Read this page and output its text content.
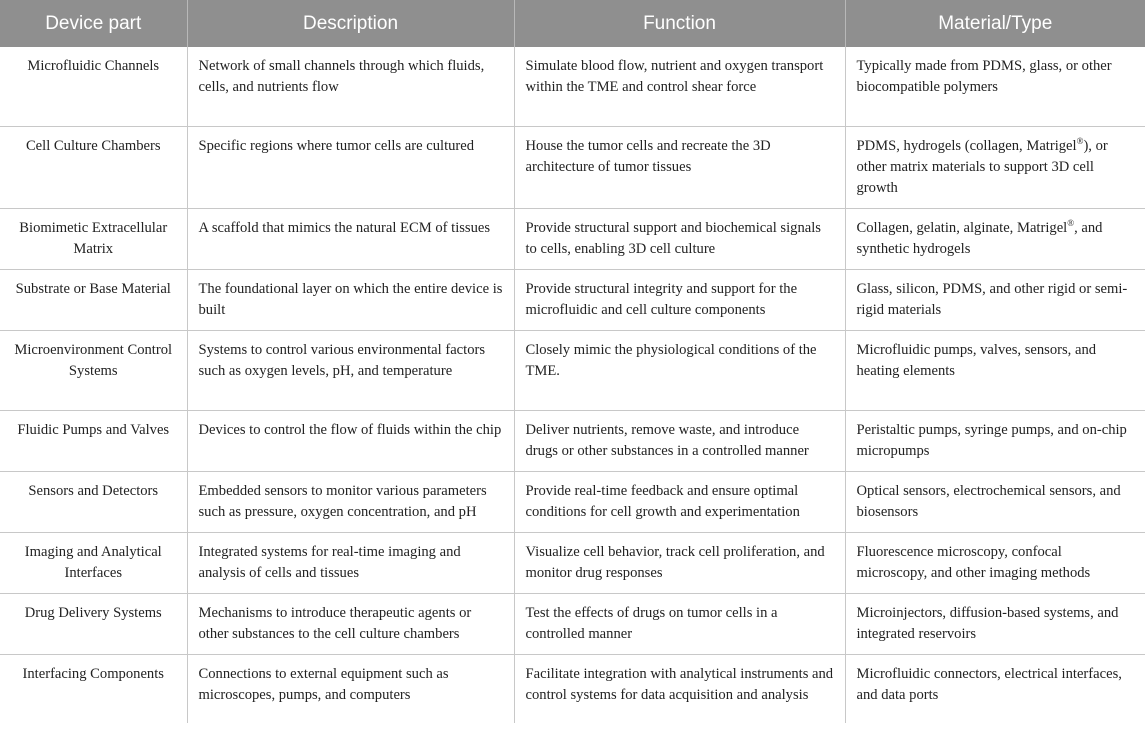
Device part	Description	Function	Material/Type
Microfluidic Channels	Network of small channels through which fluids, cells, and nutrients flow	Simulate blood flow, nutrient and oxygen transport within the TME and control shear force	Typically made from PDMS, glass, or other biocompatible polymers
Cell Culture Chambers	Specific regions where tumor cells are cultured	House the tumor cells and recreate the 3D architecture of tumor tissues	PDMS, hydrogels (collagen, Matrigel®), or other matrix materials to support 3D cell growth
Biomimetic Extracellular Matrix	A scaffold that mimics the natural ECM of tissues	Provide structural support and biochemical signals to cells, enabling 3D cell culture	Collagen, gelatin, alginate, Matrigel®, and synthetic hydrogels
Substrate or Base Material	The foundational layer on which the entire device is built	Provide structural integrity and support for the microfluidic and cell culture components	Glass, silicon, PDMS, and other rigid or semi-rigid materials
Microenvironment Control Systems	Systems to control various environmental factors such as oxygen levels, pH, and temperature	Closely mimic the physiological conditions of the TME.	Microfluidic pumps, valves, sensors, and heating elements
Fluidic Pumps and Valves	Devices to control the flow of fluids within the chip	Deliver nutrients, remove waste, and introduce drugs or other substances in a controlled manner	Peristaltic pumps, syringe pumps, and on-chip micropumps
Sensors and Detectors	Embedded sensors to monitor various parameters such as pressure, oxygen concentration, and pH	Provide real-time feedback and ensure optimal conditions for cell growth and experimentation	Optical sensors, electrochemical sensors, and biosensors
Imaging and Analytical Interfaces	Integrated systems for real-time imaging and analysis of cells and tissues	Visualize cell behavior, track cell proliferation, and monitor drug responses	Fluorescence microscopy, confocal microscopy, and other imaging methods
Drug Delivery Systems	Mechanisms to introduce therapeutic agents or other substances to the cell culture chambers	Test the effects of drugs on tumor cells in a controlled manner	Microinjectors, diffusion-based systems, and integrated reservoirs
Interfacing Components	Connections to external equipment such as microscopes, pumps, and computers	Facilitate integration with analytical instruments and control systems for data acquisition and analysis	Microfluidic connectors, electrical interfaces, and data ports
